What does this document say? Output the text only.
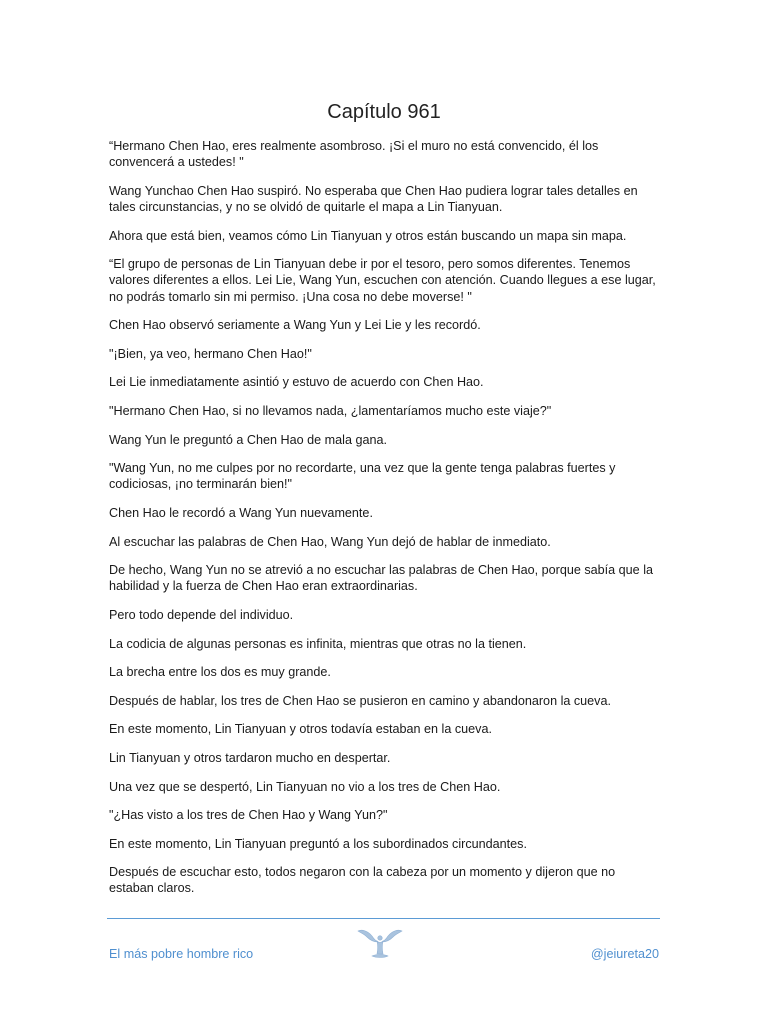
Capítulo 961

“Hermano Chen Hao, eres realmente asombroso. ¡Si el muro no está convencido, él los convencerá a ustedes! "

Wang Yunchao Chen Hao suspiró. No esperaba que Chen Hao pudiera lograr tales detalles en tales circunstancias, y no se olvidó de quitarle el mapa a Lin Tianyuan.

Ahora que está bien, veamos cómo Lin Tianyuan y otros están buscando un mapa sin mapa.

“El grupo de personas de Lin Tianyuan debe ir por el tesoro, pero somos diferentes. Tenemos valores diferentes a ellos. Lei Lie, Wang Yun, escuchen con atención. Cuando llegues a ese lugar, no podrás tomarlo sin mi permiso. ¡Una cosa no debe moverse! "

Chen Hao observó seriamente a Wang Yun y Lei Lie y les recordó.

"¡Bien, ya veo, hermano Chen Hao!"

Lei Lie inmediatamente asintió y estuvo de acuerdo con Chen Hao.

"Hermano Chen Hao, si no llevamos nada, ¿lamentaríamos mucho este viaje?"

Wang Yun le preguntó a Chen Hao de mala gana.

"Wang Yun, no me culpes por no recordarte, una vez que la gente tenga palabras fuertes y codiciosas, ¡no terminarán bien!"

Chen Hao le recordó a Wang Yun nuevamente.

Al escuchar las palabras de Chen Hao, Wang Yun dejó de hablar de inmediato.

De hecho, Wang Yun no se atrevió a no escuchar las palabras de Chen Hao, porque sabía que la habilidad y la fuerza de Chen Hao eran extraordinarias.

Pero todo depende del individuo.

La codicia de algunas personas es infinita, mientras que otras no la tienen.

La brecha entre los dos es muy grande.

Después de hablar, los tres de Chen Hao se pusieron en camino y abandonaron la cueva.

En este momento, Lin Tianyuan y otros todavía estaban en la cueva.

Lin Tianyuan y otros tardaron mucho en despertar.

Una vez que se despertó, Lin Tianyuan no vio a los tres de Chen Hao.

"¿Has visto a los tres de Chen Hao y Wang Yun?"

En este momento, Lin Tianyuan preguntó a los subordinados circundantes.

Después de escuchar esto, todos negaron con la cabeza por un momento y dijeron que no estaban claros.

El más pobre hombre rico	@jeiureta20
